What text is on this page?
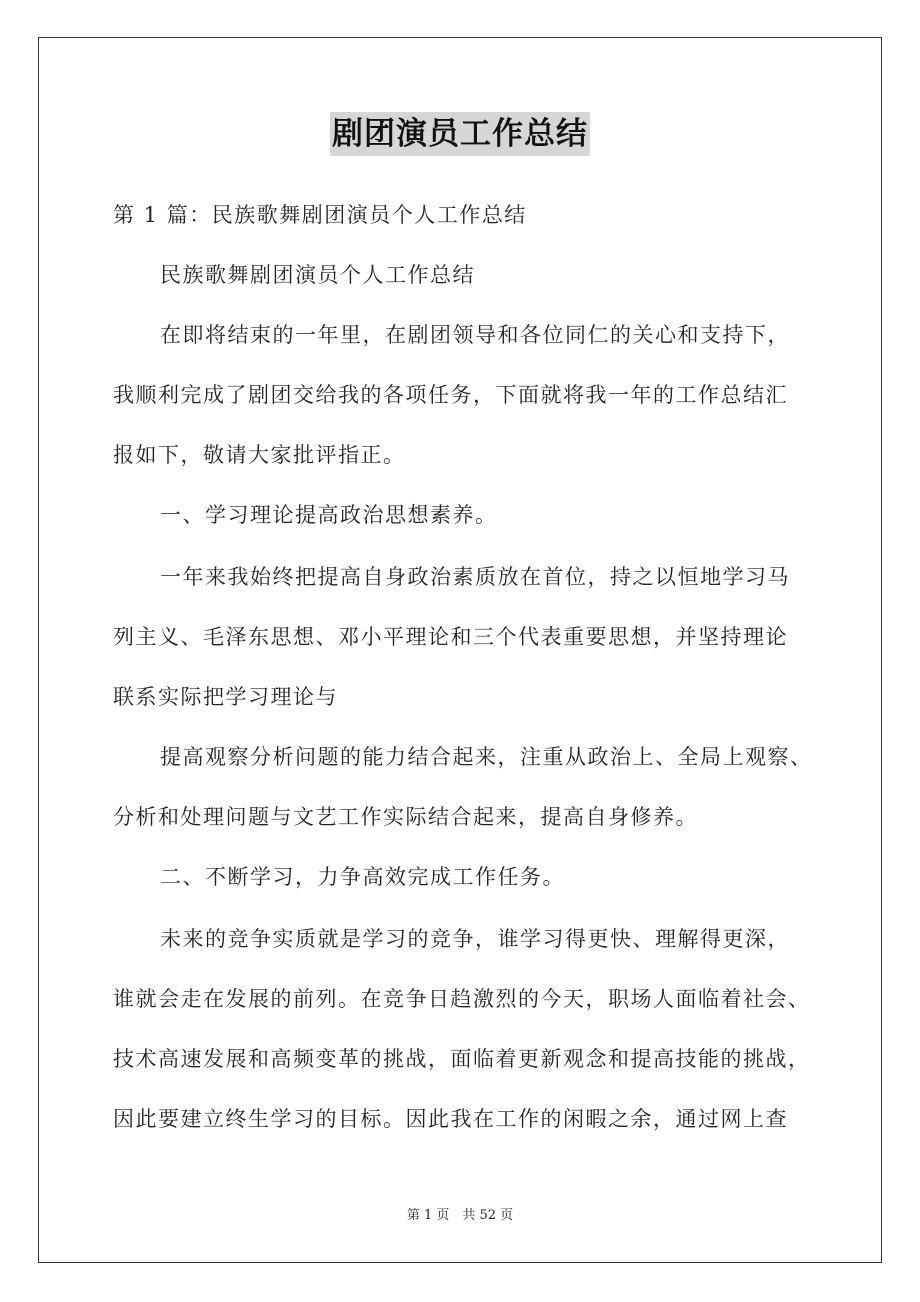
剧团演员工作总结
第 1 篇：民族歌舞剧团演员个人工作总结
民族歌舞剧团演员个人工作总结
在即将结束的一年里，在剧团领导和各位同仁的关心和支持下，
我顺利完成了剧团交给我的各项任务，下面就将我一年的工作总结汇
报如下，敬请大家批评指正。
一、学习理论提高政治思想素养。
一年来我始终把提高自身政治素质放在首位，持之以恒地学习马
列主义、毛泽东思想、邓小平理论和三个代表重要思想，并坚持理论
联系实际把学习理论与
提高观察分析问题的能力结合起来，注重从政治上、全局上观察、
分析和处理问题与文艺工作实际结合起来，提高自身修养。
二、不断学习，力争高效完成工作任务。
未来的竞争实质就是学习的竞争，谁学习得更快、理解得更深，
谁就会走在发展的前列。在竞争日趋激烈的今天，职场人面临着社会、
技术高速发展和高频变革的挑战，面临着更新观念和提高技能的挑战，
因此要建立终生学习的目标。因此我在工作的闲暇之余，通过网上查
第 1 页　共 52 页
